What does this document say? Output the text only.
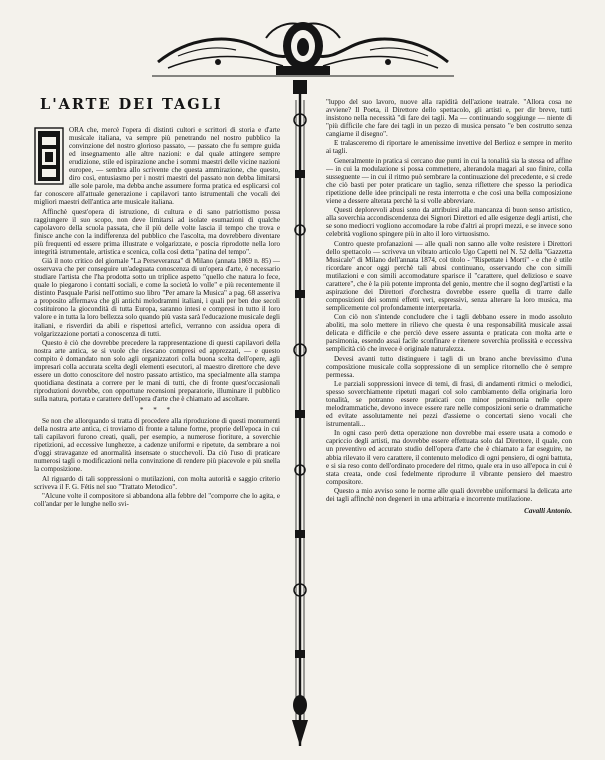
L'ARTE DEI TAGLI

ORA che, mercè l'opera di distinti cultori e scrittori di storia e d'arte musicale italiana, va sempre più penetrando nel nostro pubblico la convinzione del nostro glorioso passato, — passato che fu sempre guida ed insegnamento alle altre nazioni: e dal quale attingere sempre erudizione, stile ed ispirazione anche i sommi maestri delle vicine nazioni europee, — sembra allo scrivente che questa ammirazione, che questo, diro così, entusiasmo per i nostri maestri del passato non debba limitarsi alle sole parole, ma debba anche assumere forma pratica ed esplicarsi col far conoscere all'attuale generazione i capilavori tanto istrumentali che vocali dei migliori maestri dell'antica arte musicale italiana.

Affinchè quest'opera di istruzione, di cultura e di sano patriottismo possa raggiungere il suo scopo, non deve limitarsi ad isolate esumazioni di qualche capolavoro della scuola passata, che il più delle volte lascia il tempo che trova e finisce anche con la indifferenza del pubblico che l'ascolta, ma dovrebbero diventare più frequenti ed essere prima illustrate e volgarizzate, e poscia riprodotte nella loro integrità istrumentale, artistica e scenica, colla così detta "patina del tempo".

Già il noto critico del giornale "La Perseveranza" di Milano (annata 1869 n. 85) — osservava che per conseguire un'adeguata conoscenza di un'opera d'arte, è necessario studiare l'artista che l'ha prodotta sotto un triplice aspetto "quello che natura lo fece, quale lo piegarono i contatti sociali, e come la società lo volle" e più recentemente il distinto Pasquale Parisi nell'ottimo suo libro "Per amare la Musica" a pag. 68 asseriva a proposito affermava che gli antichi melodrammi italiani, i quali per ben due secoli costituirono la giocondità di tutta Europa, saranno intesi e compresi in tutto il loro valore e in tutta la loro bellezza solo quando più vasta sarà l'educazione musicale degli italiani, e risverdiri da abili e rispettosi artefici, verranno con assidua opera di volgarizzazione portati a conoscenza di tutti.

Questo è ciò che dovrebbe precedere la rappresentazione di questi capilavori della nostra arte antica, se si vuole che riescano compresi ed apprezzati, — e questo compito è domandato non solo agli organizzatori colla buona scelta dell'opere, agli impresari colla accurata scelta degli elementi esecutori, al maestro direttore che deve essere un dotto conoscitore del nostro passato artistico, ma specialmente alla stampa quotidiana destinata a correre per le mani di tutti, che di fronte quest'occasionali riproduzioni dovrebbe, con opportune recensioni preparatorie, illuminare il pubblico sulla natura, portata e carattere dell'opera d'arte che è chiamato ad ascoltare.

* * *

Se non che allorquando si tratta di procedere alla riproduzione di questi monumenti della nostra arte antica, ci troviamo di fronte a talune forme, proprie dell'epoca in cui tali capilavori furono creati, quali, per esempio, a numerose fioriture, a soverchie ripetizioni, ad eccessive lunghezze, a cadenze uniformi e ripetute, da sembrare a noi d'oggi stravaganze ed anormalità insensate o stucchevoli. Da ciò l'uso di praticare numerosi tagli o modificazioni nella convinzione di rendere più piacevole e più snella la composizione.

Al riguardo di tali soppressioni o mutilazioni, con molta autorità e saggio criterio scriveva il F. G. Fétis nel suo "Trattato Metodico".

"Alcune volte il compositore si abbandona alla febbre del "comporre che lo agita, e coll'andar per le lunghe nello svi-

"luppo del suo lavoro, nuove alla rapidità dell'azione teatrale. "Allora cosa ne avviene? Il Poeta, il Direttore dello spettacolo, gli artisti e, per dir breve, tutti insistono nella necessità "di fare dei tagli. Ma — continuando soggiunge — niente di "più difficile che fare dei tagli in un pezzo di musica pensato "e ben costrutto senza cangiarne il disegno".

E tralasceremo di riportare le amenissime invettive del Berlioz e sempre in merito ai tagli.

Generalmente in pratica si cercano due punti in cui la tonalità sia la stessa od affine — in cui la modulazione si possa commettere, alterandola magari al suo finire, colla susseguente — in cui il ritmo può sembrare la continuazione del precedente, e si crede che ciò basti per poter praticare un taglio, senza riflettere che spesso la periodica ripetizione delle idee principali ne resta interrotta e che così una bella composizione viene a dessere alterata perchè la si volle abbreviare.

Questi deplorevoli abusi sono da attribuirsi alla mancanza di buon senso artistico, alla soverchia accondiscendenza dei Signori Direttori ed alle esigenze degli artisti, che se sono mediocri vogliono accomodare la robe d'altri ai propri mezzi, e se invece sono celebrità vogliono spingere più in alto il loro virtuosismo.

Contro queste profanazioni — alle quali non sanno alle volte resistere i Direttori dello spettacolo — scriveva un vibrato articolo Ugo Capetti nel N. 52 della "Gazzetta Musicale" di Milano dell'annata 1874, col titolo - "Rispettate i Morti" - e che è utile ricordare ancor oggi perchè tali abusi continuano, osservando che con simili mutilazioni e con simili accomodature sparisce il "carattere, quel delizioso e soave carattere", che è la più potente impronta del genio, mentre che il sogno degl'artisti e la aspirazione dei Direttori d'orchestra dovrebbe essere quella di trarre dalle composizioni dei sommi effetti veri, espressivi, senza alterare la loro musica, ma semplicemente col profondamente interpretarla.

Con ciò non s'intende concludere che i tagli debbano essere in modo assoluto aboliti, ma solo mettere in rilievo che questa è una responsabilità musicale assai delicata e difficile e che perciò deve essere assunta e praticata con molta arte e parsimonia, essendo assai facile sconfinare e ritenere soverchia prolissità e eccessiva semplicità ciò che invece è originale naturalezza.

Devesi avanti tutto distinguere i tagli di un brano anche brevissimo d'una composizione musicale colla soppressione di un semplice ritornello che è sempre permessa.

Le parziali soppressioni invece di temi, di frasi, di andamenti ritmici o melodici, spesso soverchiamente ripetuti magari col solo cambiamento della originaria loro tonalità, se potranno essere praticati con minor pensimonia nelle opere melodrammatiche, devono invece essere rare nelle composizioni serie o drammatiche ed evitate assolutamente nei pezzi d'assieme o concertati sieno vocali che istrumentali...

In ogni caso però detta operazione non dovrebbe mai essere usata a comodo e capriccio degli artisti, ma dovrebbe essere effettuata solo dal Direttore, il quale, con un preventivo ed accurato studio dell'opera d'arte che è chiamato a far eseguire, ne abbia rilevato il vero carattere, il contenuto melodico di ogni pensiero, di ogni battuta, e si sia reso conto dell'ordinato procedere del ritmo, quale era in uso all'epoca in cui è stata creata, onde così fedelmente riprodurre il vibrante pensiero del maestro compositore.

Questo a mio avviso sono le norme alle quali dovrebbe uniformarsi la delicata arte dei tagli affinchè non degeneri in una arbitraria e incorrente mutilazione.

Cavalli Antonio.
